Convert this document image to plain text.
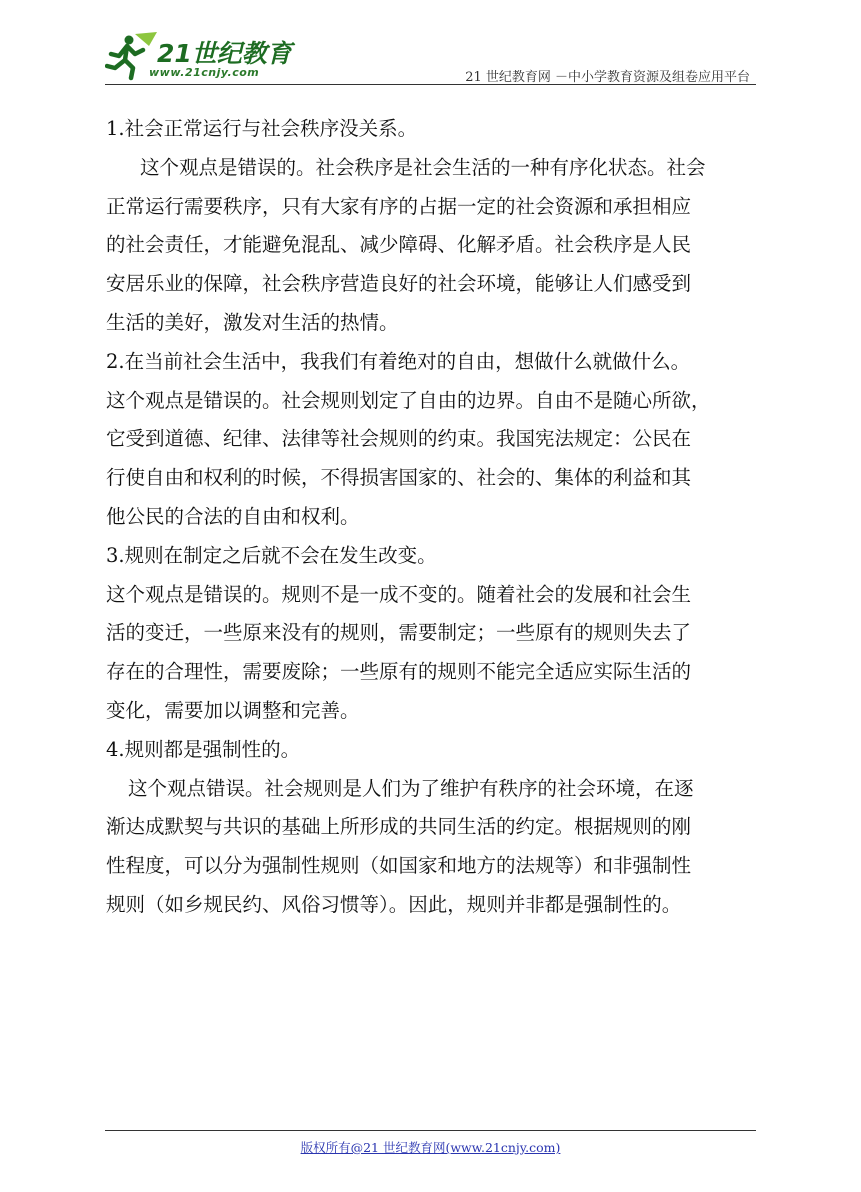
21世纪教育
www.21cnjy.com	21 世纪教育网 －中小学教育资源及组卷应用平台

1.社会正常运行与社会秩序没关系。

这个观点是错误的。社会秩序是社会生活的一种有序化状态。社会

正常运行需要秩序，只有大家有序的占据一定的社会资源和承担相应

的社会责任，才能避免混乱、减少障碍、化解矛盾。社会秩序是人民

安居乐业的保障，社会秩序营造良好的社会环境，能够让人们感受到

生活的美好，激发对生活的热情。

2.在当前社会生活中，我我们有着绝对的自由，想做什么就做什么。

这个观点是错误的。社会规则划定了自由的边界。自由不是随心所欲，

它受到道德、纪律、法律等社会规则的约束。我国宪法规定：公民在

行使自由和权利的时候，不得损害国家的、社会的、集体的利益和其

他公民的合法的自由和权利。

3.规则在制定之后就不会在发生改变。

这个观点是错误的。规则不是一成不变的。随着社会的发展和社会生

活的变迁，一些原来没有的规则，需要制定；一些原有的规则失去了

存在的合理性，需要废除；一些原有的规则不能完全适应实际生活的

变化，需要加以调整和完善。

4.规则都是强制性的。

这个观点错误。社会规则是人们为了维护有秩序的社会环境，在逐

渐达成默契与共识的基础上所形成的共同生活的约定。根据规则的刚

性程度，可以分为强制性规则（如国家和地方的法规等）和非强制性

规则（如乡规民约、风俗习惯等）。因此，规则并非都是强制性的。

版权所有@21 世纪教育网(www.21cnjy.com)
